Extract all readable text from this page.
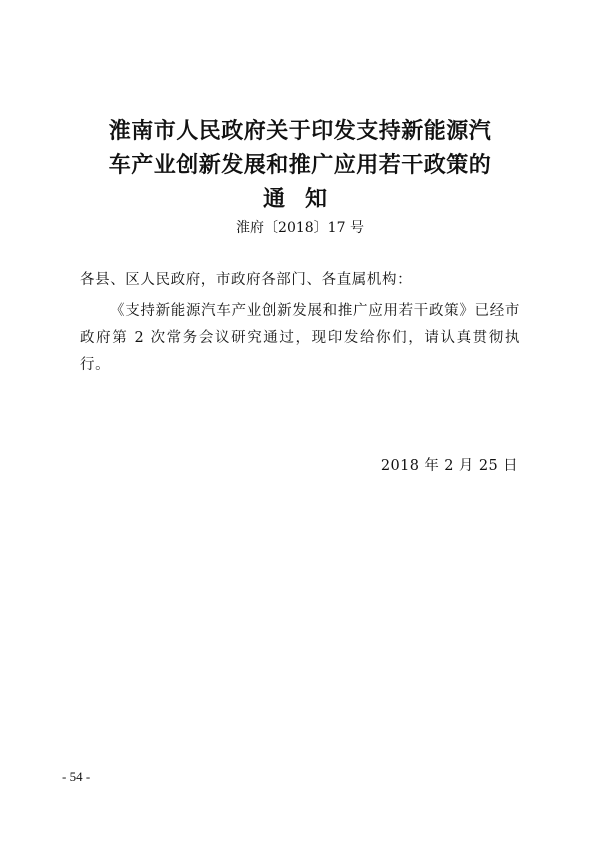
淮南市人民政府关于印发支持新能源汽
车产业创新发展和推广应用若干政策的
通知
淮府〔2018〕17 号
各县、区人民政府，市政府各部门、各直属机构：

《支持新能源汽车产业创新发展和推广应用若干政策》已经市政府第 2 次常务会议研究通过，现印发给你们，请认真贯彻执行。

2018 年 2 月 25 日
- 54 -
